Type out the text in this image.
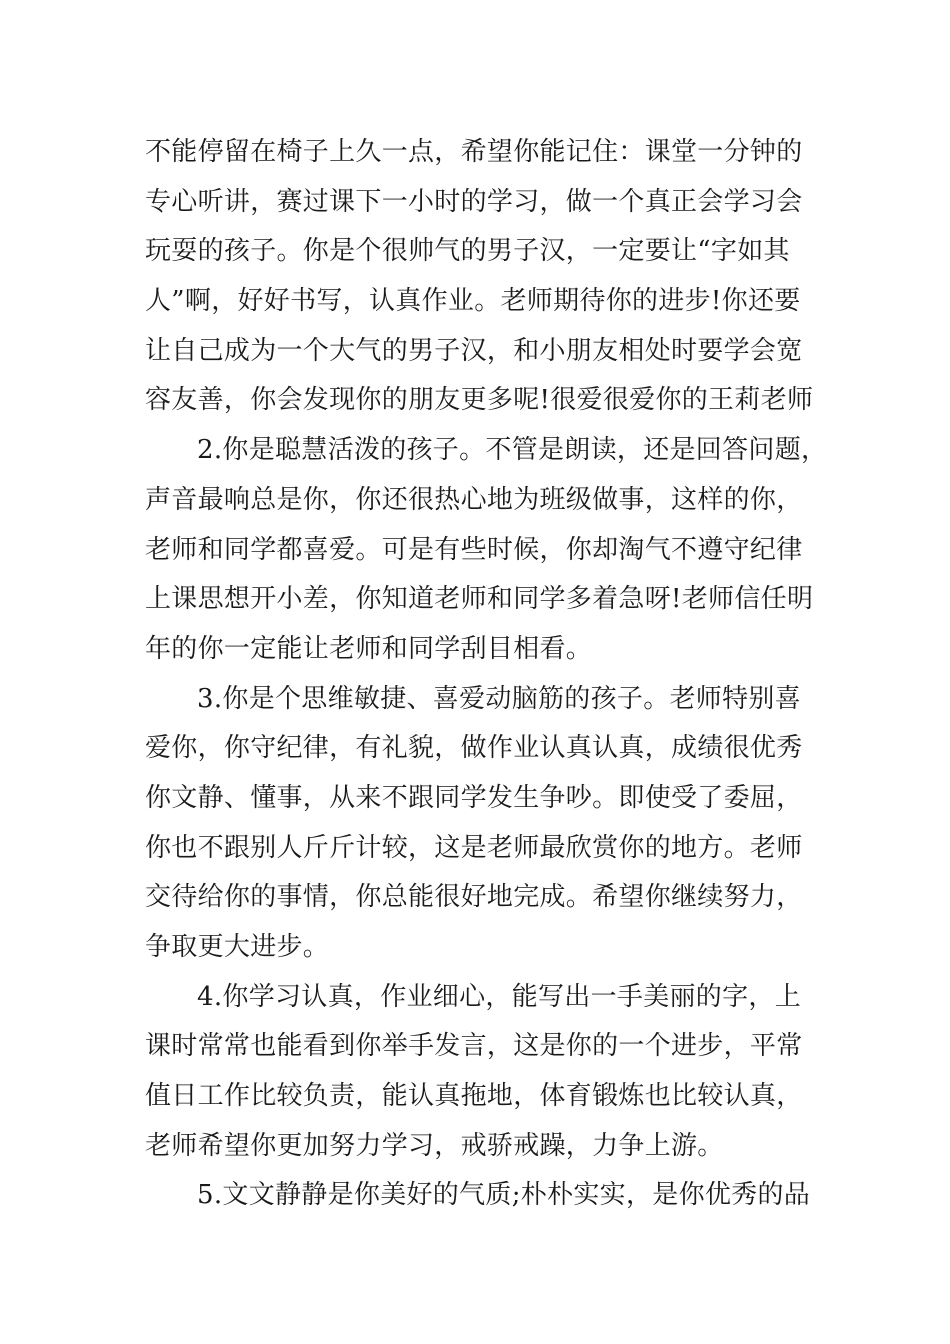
不能停留在椅子上久一点，希望你能记住：课堂一分钟的
专心听讲，赛过课下一小时的学习，做一个真正会学习会
玩耍的孩子。你是个很帅气的男子汉，一定要让“字如其
人”啊，好好书写，认真作业。老师期待你的进步!你还要
让自己成为一个大气的男子汉，和小朋友相处时要学会宽
容友善，你会发现你的朋友更多呢!很爱很爱你的王莉老师
2.你是聪慧活泼的孩子。不管是朗读，还是回答问题，
声音最响总是你，你还很热心地为班级做事，这样的你，
老师和同学都喜爱。可是有些时候，你却淘气不遵守纪律
上课思想开小差，你知道老师和同学多着急呀!老师信任明
年的你一定能让老师和同学刮目相看。
3.你是个思维敏捷、喜爱动脑筋的孩子。老师特别喜
爱你，你守纪律，有礼貌，做作业认真认真，成绩很优秀
你文静、懂事，从来不跟同学发生争吵。即使受了委屈，
你也不跟别人斤斤计较，这是老师最欣赏你的地方。老师
交待给你的事情，你总能很好地完成。希望你继续努力，
争取更大进步。
4.你学习认真，作业细心，能写出一手美丽的字，上
课时常常也能看到你举手发言，这是你的一个进步，平常
值日工作比较负责，能认真拖地，体育锻炼也比较认真，
老师希望你更加努力学习，戒骄戒躁，力争上游。
5.文文静静是你美好的气质;朴朴实实，是你优秀的品
